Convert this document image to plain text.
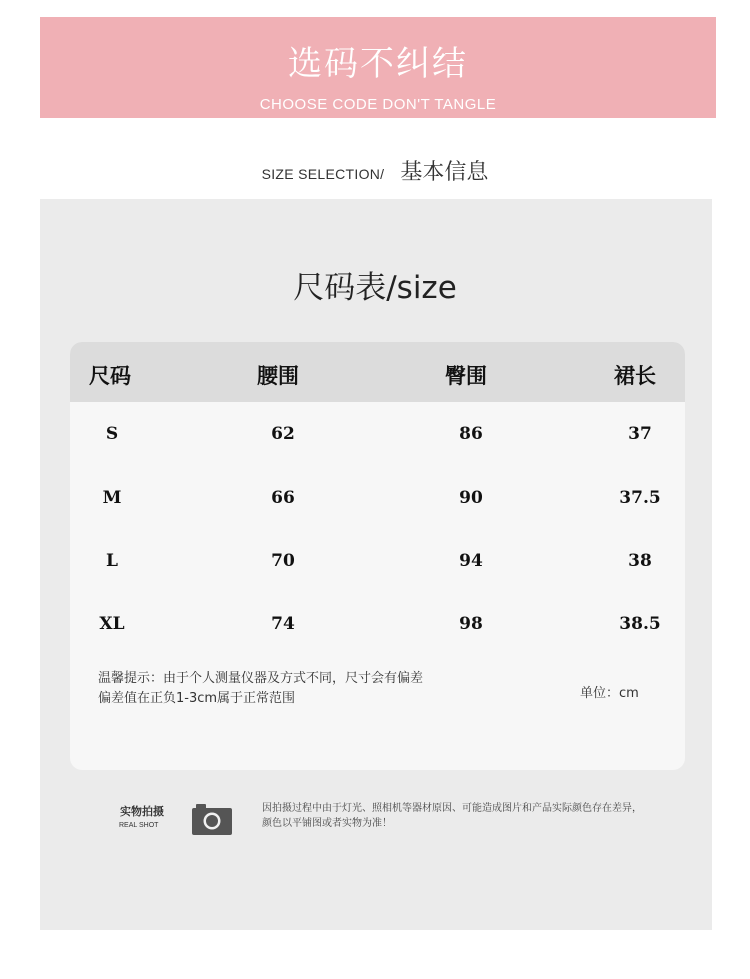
选码不纠结
CHOOSE CODE DON'T TANGLE
SIZE SELECTION/ 基本信息
尺码表/size
尺码	腰围	臀围	裙长
S	62	86	37
M	66	90	37.5
L	70	94	38
XL	74	98	38.5
温馨提示：由于个人测量仪器及方式不同，尺寸会有偏差
偏差值在正负1-3cm属于正常范围	单位：cm
实物拍摄
REAL SHOT
因拍摄过程中由于灯光、照相机等器材原因、可能造成图片和产品实际颜色存在差异，
颜色以平铺图或者实物为准！
